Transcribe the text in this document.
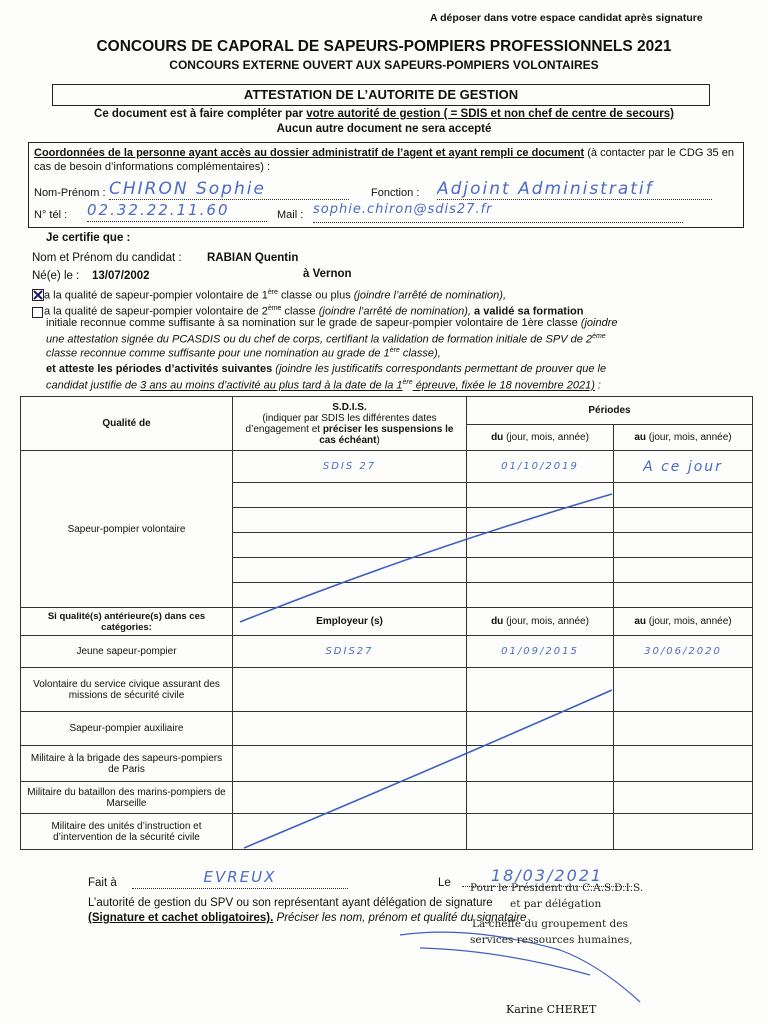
A déposer dans votre espace candidat après signature
CONCOURS DE CAPORAL DE SAPEURS-POMPIERS PROFESSIONNELS 2021
CONCOURS EXTERNE OUVERT AUX SAPEURS-POMPIERS VOLONTAIRES
ATTESTATION DE L’AUTORITE DE GESTION
Ce document est à faire compléter par votre autorité de gestion ( = SDIS et non chef de centre de secours)
Aucun autre document ne sera accepté
Coordonnées de la personne ayant accès au dossier administratif de l’agent et ayant rempli ce document (à contacter par le CDG 35 en cas de besoin d’informations complémentaires) :
Nom-Prénom : CHIRON Sophie	Fonction : Adjoint Administratif
N° tél : 02.32.22.11.60	Mail : sophie.chiron@sdis27.fr
Je certifie que :
Nom et Prénom du candidat : RABIAN Quentin
Né(e) le : 13/07/2002	à Vernon
a la qualité de sapeur-pompier volontaire de 1ère classe ou plus (joindre l’arrêté de nomination),
a la qualité de sapeur-pompier volontaire de 2ème classe (joindre l’arrêté de nomination), a validé sa formation
initiale reconnue comme suffisante à sa nomination sur le grade de sapeur-pompier volontaire de 1ère classe (joindre
une attestation signée du PCASDIS ou du chef de corps, certifiant la validation de formation initiale de SPV de 2ème
classe reconnue comme suffisante pour une nomination au grade de 1ère classe),
et atteste les périodes d’activités suivantes (joindre les justificatifs correspondants permettant de prouver que le
candidat justifie de 3 ans au moins d’activité au plus tard à la date de la 1ère épreuve, fixée le 18 novembre 2021) :
Qualité de	S.D.I.S.
(indiquer par SDIS les différentes dates d’engagement et préciser les suspensions le cas échéant)	Périodes	
		du (jour, mois, année)	au (jour, mois, année)
Sapeur-pompier volontaire	SDIS 27	01/10/2019	A ce jour

Si qualité(s) antérieure(s) dans ces catégories:	Employeur (s)	du (jour, mois, année)	au (jour, mois, année)
Jeune sapeur-pompier	SDIS27	01/09/2015	30/06/2020
Volontaire du service civique assurant des missions de sécurité civile			
Sapeur-pompier auxiliaire			
Militaire à la brigade des sapeurs-pompiers de Paris			
Militaire du bataillon des marins-pompiers de Marseille			
Militaire des unités d’instruction et d’intervention de la sécurité civile			
Fait à	EVREUX	Le	18/03/2021
L’autorité de gestion du SPV ou son représentant ayant délégation de signature
(Signature et cachet obligatoires). Préciser les nom, prénom et qualité du signataire
Pour le Président du C.A.S.D.I.S.
et par délégation
La cheffe du groupement des
services ressources humaines,
Karine CHERET
